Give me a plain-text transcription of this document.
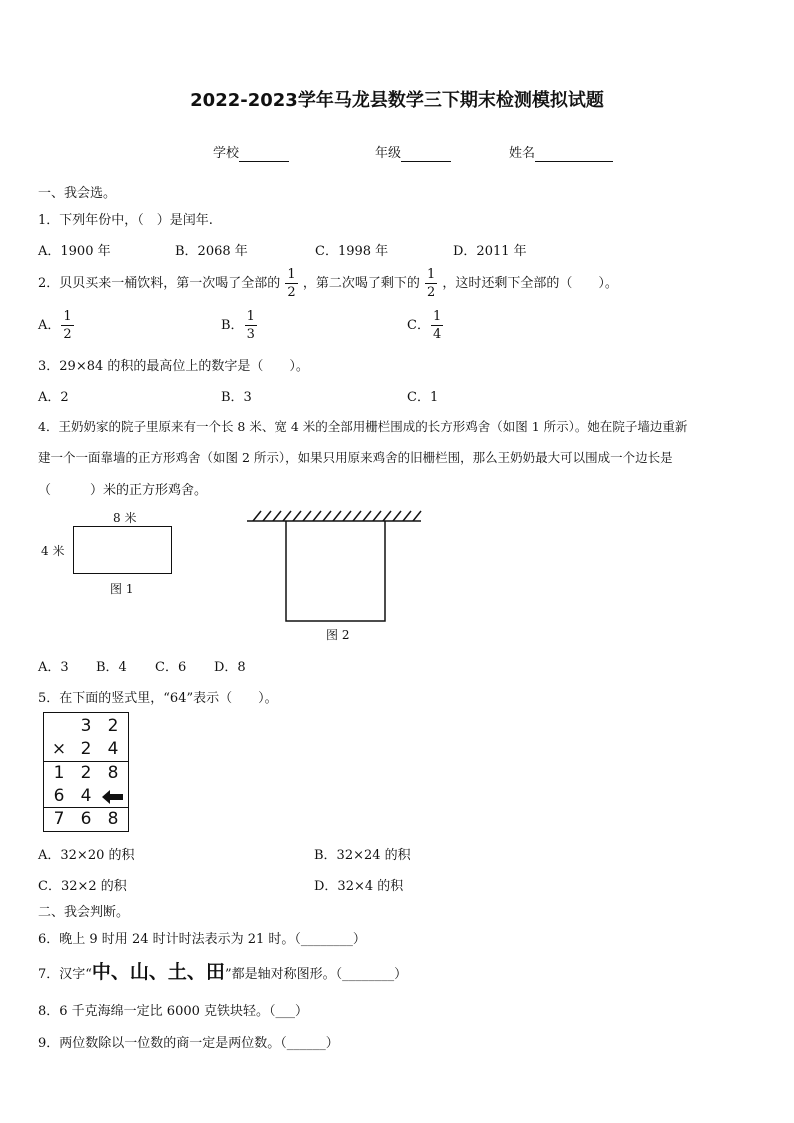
2022-2023学年马龙县数学三下期末检测模拟试题
学校	年级	姓名
一、我会选。
1．下列年份中，（　）是闰年.
A．1900 年	B．2068 年	C．1998 年	D．2011 年
2．贝贝买来一桶饮料，第一次喝了全部的 $\frac{1}{2}$ ，第二次喝了剩下的 $\frac{1}{2}$ ，这时还剩下全部的（　　）。
A． $\frac{1}{2}$	B． $\frac{1}{3}$	C． $\frac{1}{4}$
3．29×84 的积的最高位上的数字是（　　）。
A．2	B．3	C．1
4．王奶奶家的院子里原来有一个长 8 米、宽 4 米的全部用栅栏围成的长方形鸡舍（如图 1 所示）。她在院子墙边重新
建一个一面靠墙的正方形鸡舍（如图 2 所示），如果只用原来鸡舍的旧栅栏围，那么王奶奶最大可以围成一个边长是
（　　　）米的正方形鸡舍。
8 米
4 米
图 1
图 2
A．3 B．4 C．6 D．8
5．在下面的竖式里，“64”表示（　　）。
3 2
× 2 4
1 2 8
6 4
7 6 8
A．32×20 的积	B．32×24 的积
C．32×2 的积	D．32×4 的积
二、我会判断。
6．晚上 9 时用 24 时计时法表示为 21 时。（________）
7．汉字“中、山、土、田”都是轴对称图形。（________）
8．6 千克海绵一定比 6000 克铁块轻。（___）
9．两位数除以一位数的商一定是两位数。（______）
